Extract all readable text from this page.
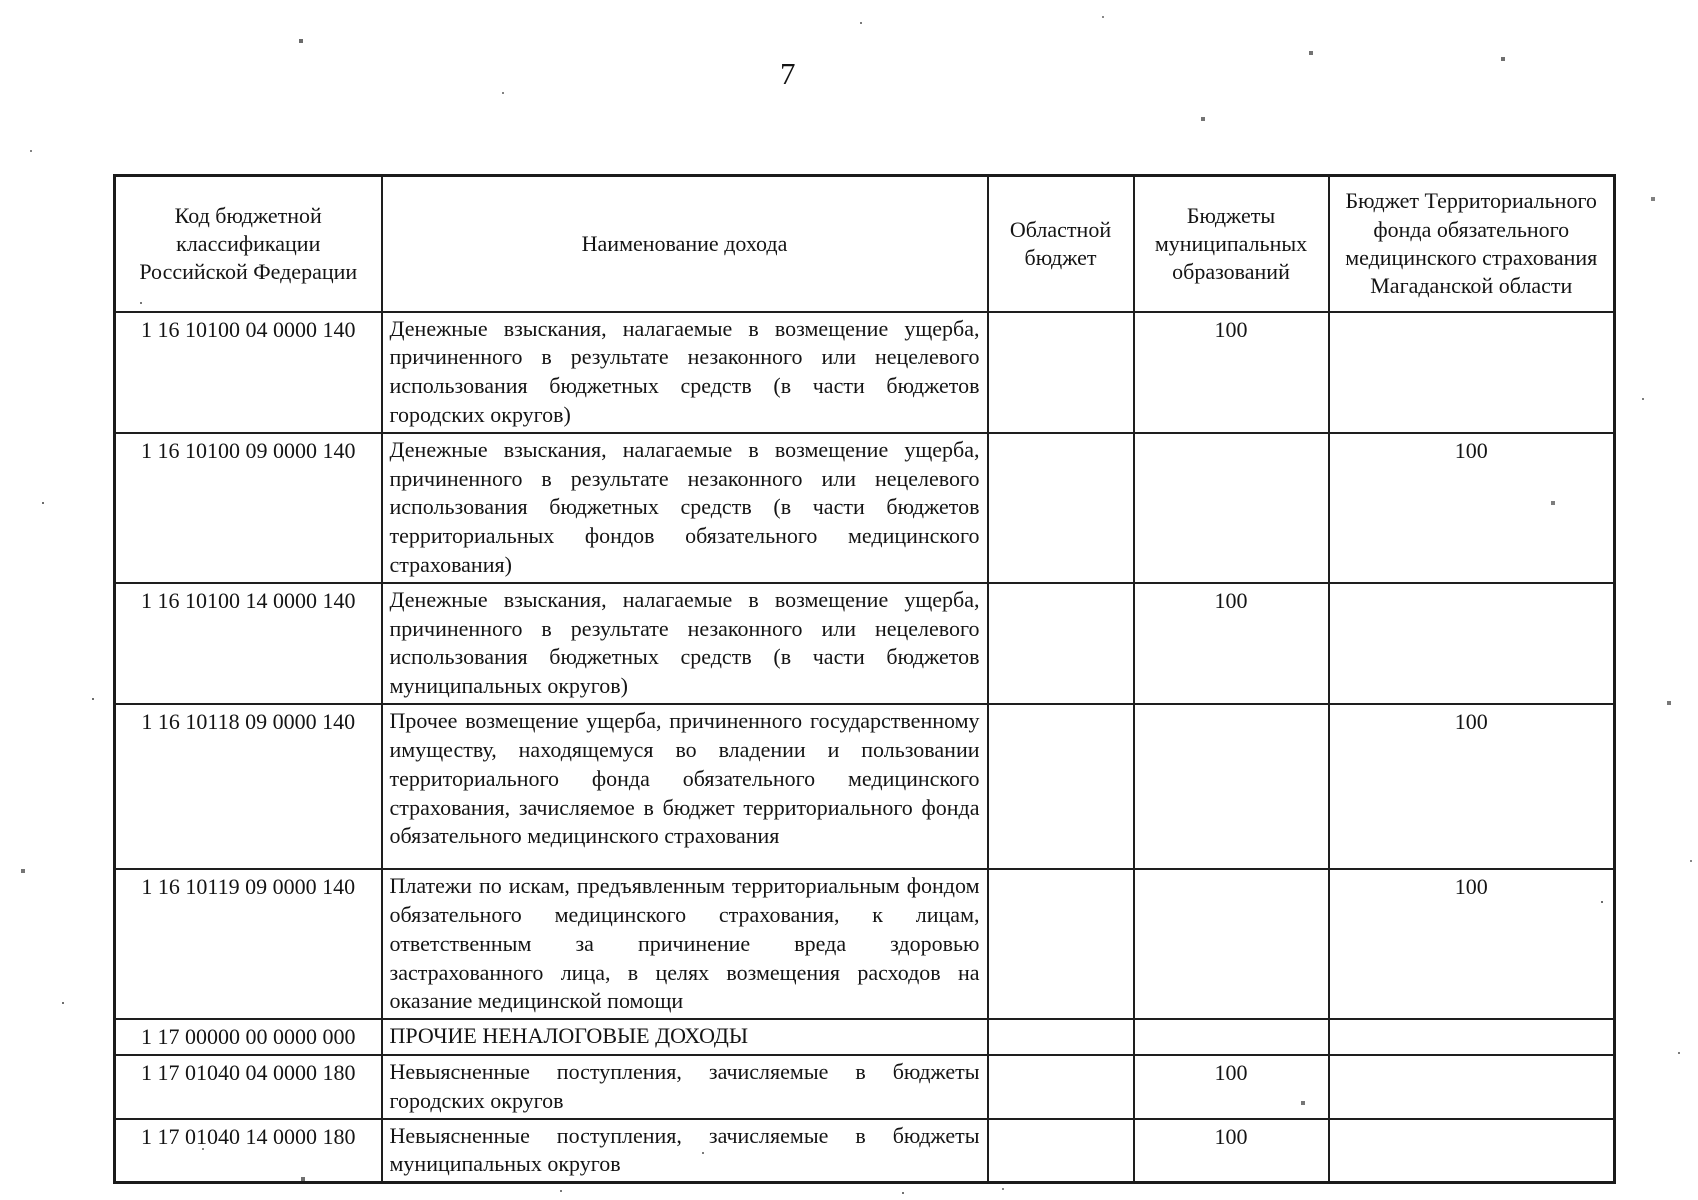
7
Код бюджетной классификации Российской Федерации	Наименование дохода	Областной бюджет	Бюджеты муниципальных образований	Бюджет Территориального фонда обязательного медицинского страхования Магаданской области
1 16 10100 04 0000 140	Денежные взыскания, налагаемые в возмещение ущерба, причиненного в результате незаконного или нецелевого использования бюджетных средств (в части бюджетов городских округов)		100	
1 16 10100 09 0000 140	Денежные взыскания, налагаемые в возмещение ущерба, причиненного в результате незаконного или нецелевого использования бюджетных средств (в части бюджетов территориальных фондов обязательного медицинского страхования)			100
1 16 10100 14 0000 140	Денежные взыскания, налагаемые в возмещение ущерба, причиненного в результате незаконного или нецелевого использования бюджетных средств (в части бюджетов муниципальных округов)		100	
1 16 10118 09 0000 140	Прочее возмещение ущерба, причиненного государственному имуществу, находящемуся во владении и пользовании территориального фонда обязательного медицинского страхования, зачисляемое в бюджет территориального фонда обязательного медицинского страхования			100
1 16 10119 09 0000 140	Платежи по искам, предъявленным территориальным фондом обязательного медицинского страхования, к лицам, ответственным за причинение вреда здоровью застрахованного лица, в целях возмещения расходов на оказание медицинской помощи			100
1 17 00000 00 0000 000	ПРОЧИЕ НЕНАЛОГОВЫЕ ДОХОДЫ			
1 17 01040 04 0000 180	Невыясненные поступления, зачисляемые в бюджеты городских округов		100	
1 17 01040 14 0000 180	Невыясненные поступления, зачисляемые в бюджеты муниципальных округов		100	
